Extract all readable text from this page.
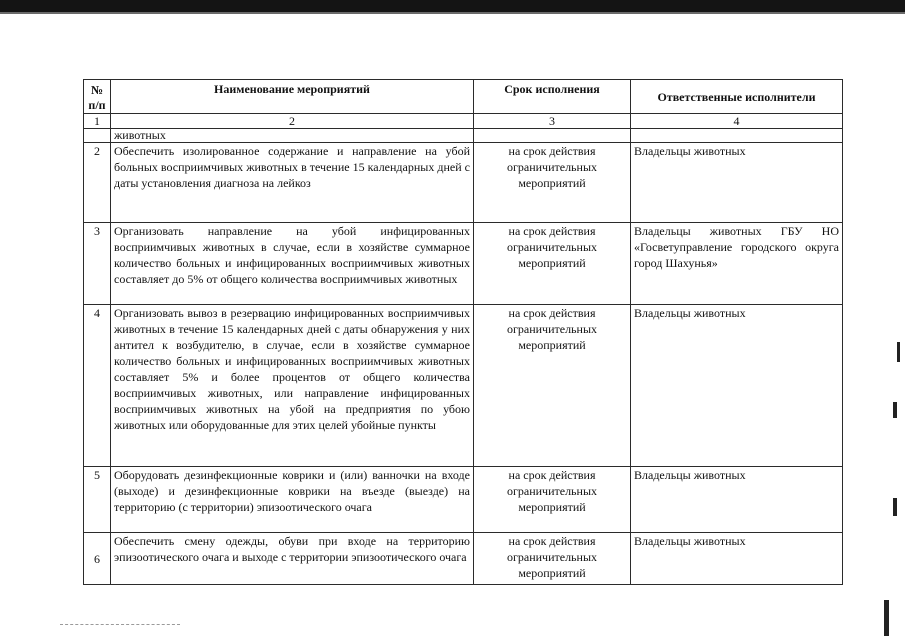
№ п/п	Наименование мероприятий	Срок исполнения	Ответственные исполнители
1	2	3	4
	животных		
2	Обеспечить изолированное содержание и направление на убой больных восприимчивых животных в течение 15 календарных дней с даты установления диагноза на лейкоз	на срок действия ограничительных мероприятий	Владельцы животных
3	Организовать направление на убой инфицированных восприимчивых животных в случае, если в хозяйстве суммарное количество больных и инфицированных восприимчивых животных составляет до 5% от общего количества восприимчивых животных	на срок действия ограничительных мероприятий	Владельцы животных ГБУ НО «Госветуправление городского округа город Шахунья»
4	Организовать вывоз в резервацию инфицированных восприимчивых животных в течение 15 календарных дней с даты обнаружения у них антител к возбудителю, в случае, если в хозяйстве суммарное количество больных и инфицированных восприимчивых животных составляет 5% и более процентов от общего количества восприимчивых животных, или направление инфицированных восприимчивых животных на убой на предприятия по убою животных или оборудованные для этих целей убойные пункты	на срок действия ограничительных мероприятий	Владельцы животных
5	Оборудовать дезинфекционные коврики и (или) ванночки на входе (выходе) и дезинфекционные коврики на въезде (выезде) на территорию (с территории) эпизоотического очага	на срок действия ограничительных мероприятий	Владельцы животных
6	Обеспечить смену одежды, обуви при входе на территорию эпизоотического очага и выходе с территории эпизоотического очага	на срок действия ограничительных мероприятий	Владельцы животных
